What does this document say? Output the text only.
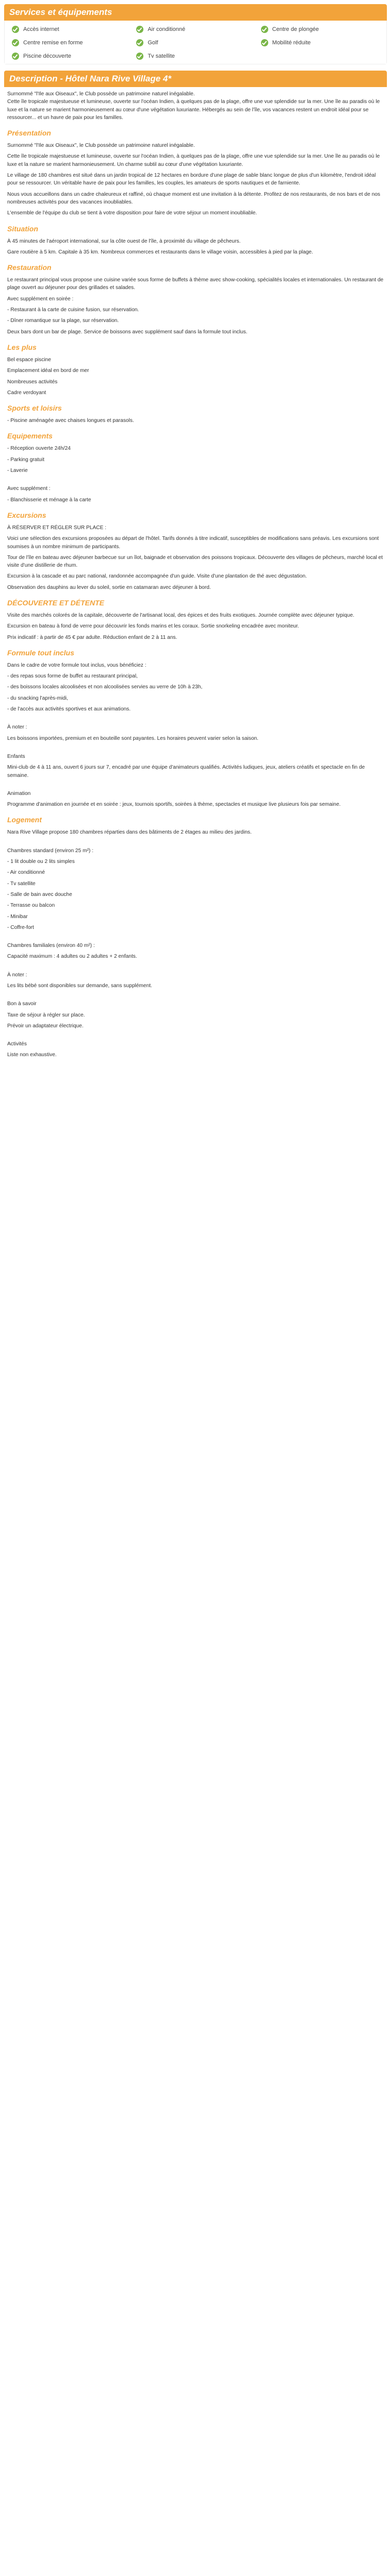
Services et équipements
Accès internet	Air conditionné	Centre de plongée
Centre remise en forme	Golf	Mobilité réduite
Piscine découverte	Tv satellite
Description - Hôtel Nara Rive Village 4*
Surnommé "l'Ile aux Oiseaux", le Club possède un patrimoine naturel inégalable.
Cette île tropicale majestueuse et lumineuse, ouverte sur l'océan Indien, à quelques pas de la plage, offre une vue splendide sur la mer. Une île au paradis où le luxe et la nature se marient harmonieusement au cœur d'une végétation luxuriante. Hébergés au sein de l'île, vos vacances restent un endroit idéal pour se ressourcer... et un havre de paix pour les familles.
Présentation
Surnommé "l'Ile aux Oiseaux", le Club possède un patrimoine naturel inégalable.
Cette île tropicale majestueuse et lumineuse, ouverte sur l'océan Indien, à quelques pas de la plage, offre une vue splendide sur la mer. Une île au paradis où le luxe et la nature se marient harmonieusement. Un charme subtil au cœur d'une végétation luxuriante.
Le village de 180 chambres est situé dans un jardin tropical de 12 hectares en bordure d'une plage de sable blanc longue de plus d'un kilomètre, l'endroit idéal pour se ressourcer. Un véritable havre de paix pour les familles, les couples, les amateurs de sports nautiques et de farniente.
Nous vous accueillons dans un cadre chaleureux et raffiné, où chaque moment est une invitation à la détente. Profitez de nos restaurants, de nos bars et de nos nombreuses activités pour des vacances inoubliables.
L'ensemble de l'équipe du club se tient à votre disposition pour faire de votre séjour un moment inoubliable.
Situation
À 45 minutes de l'aéroport international, sur la côte ouest de l'île, à proximité du village de pêcheurs.
Gare routière à 5 km. Capitale à 35 km. Nombreux commerces et restaurants dans le village voisin, accessibles à pied par la plage.
Restauration
Le restaurant principal vous propose une cuisine variée sous forme de buffets à thème avec show-cooking, spécialités locales et internationales. Un restaurant de plage ouvert au déjeuner pour des grillades et salades.
Avec supplément en soirée :
- Restaurant à la carte de cuisine fusion, sur réservation.
- Dîner romantique sur la plage, sur réservation.
Deux bars dont un bar de plage. Service de boissons avec supplément sauf dans la formule tout inclus.
Les plus
Bel espace piscine
Emplacement idéal en bord de mer
Nombreuses activités
Cadre verdoyant
Sports et loisirs
- Piscine aménagée avec chaises longues et parasols.
Equipements
- Réception ouverte 24h/24
- Parking gratuit
- Laverie
Avec supplément :
- Blanchisserie et ménage à la carte
Excursions
À RÉSERVER ET RÉGLER SUR PLACE :
Voici une sélection des excursions proposées au départ de l'hôtel. Tarifs donnés à titre indicatif, susceptibles de modifications sans préavis. Les excursions sont soumises à un nombre minimum de participants.
Tour de l'île en bateau avec déjeuner barbecue sur un îlot, baignade et observation des poissons tropicaux. Découverte des villages de pêcheurs, marché local et visite d'une distillerie de rhum.
Excursion à la cascade et au parc national, randonnée accompagnée d'un guide. Visite d'une plantation de thé avec dégustation.
Observation des dauphins au lever du soleil, sortie en catamaran avec déjeuner à bord.
DÉCOUVERTE ET DÉTENTE
Visite des marchés colorés de la capitale, découverte de l'artisanat local, des épices et des fruits exotiques. Journée complète avec déjeuner typique.
Excursion en bateau à fond de verre pour découvrir les fonds marins et les coraux. Sortie snorkeling encadrée avec moniteur.
Prix indicatif : à partir de 45 € par adulte. Réduction enfant de 2 à 11 ans.
Formule tout inclus
Dans le cadre de votre formule tout inclus, vous bénéficiez :
- des repas sous forme de buffet au restaurant principal,
- des boissons locales alcoolisées et non alcoolisées servies au verre de 10h à 23h,
- du snacking l'après-midi,
- de l'accès aux activités sportives et aux animations.
À noter :
Les boissons importées, premium et en bouteille sont payantes. Les horaires peuvent varier selon la saison.
Enfants
Mini-club de 4 à 11 ans, ouvert 6 jours sur 7, encadré par une équipe d'animateurs qualifiés. Activités ludiques, jeux, ateliers créatifs et spectacle en fin de semaine.
Animation
Programme d'animation en journée et en soirée : jeux, tournois sportifs, soirées à thème, spectacles et musique live plusieurs fois par semaine.
Logement
Nara Rive Village propose 180 chambres réparties dans des bâtiments de 2 étages au milieu des jardins.
Chambres standard (environ 25 m²) :
- 1 lit double ou 2 lits simples
- Air conditionné
- Tv satellite
- Salle de bain avec douche
- Terrasse ou balcon
- Minibar
- Coffre-fort
Chambres familiales (environ 40 m²) :
Capacité maximum : 4 adultes ou 2 adultes + 2 enfants.
À noter :
Les lits bébé sont disponibles sur demande, sans supplément.
Bon à savoir
Taxe de séjour à régler sur place.
Prévoir un adaptateur électrique.
Activités
Liste non exhaustive.
